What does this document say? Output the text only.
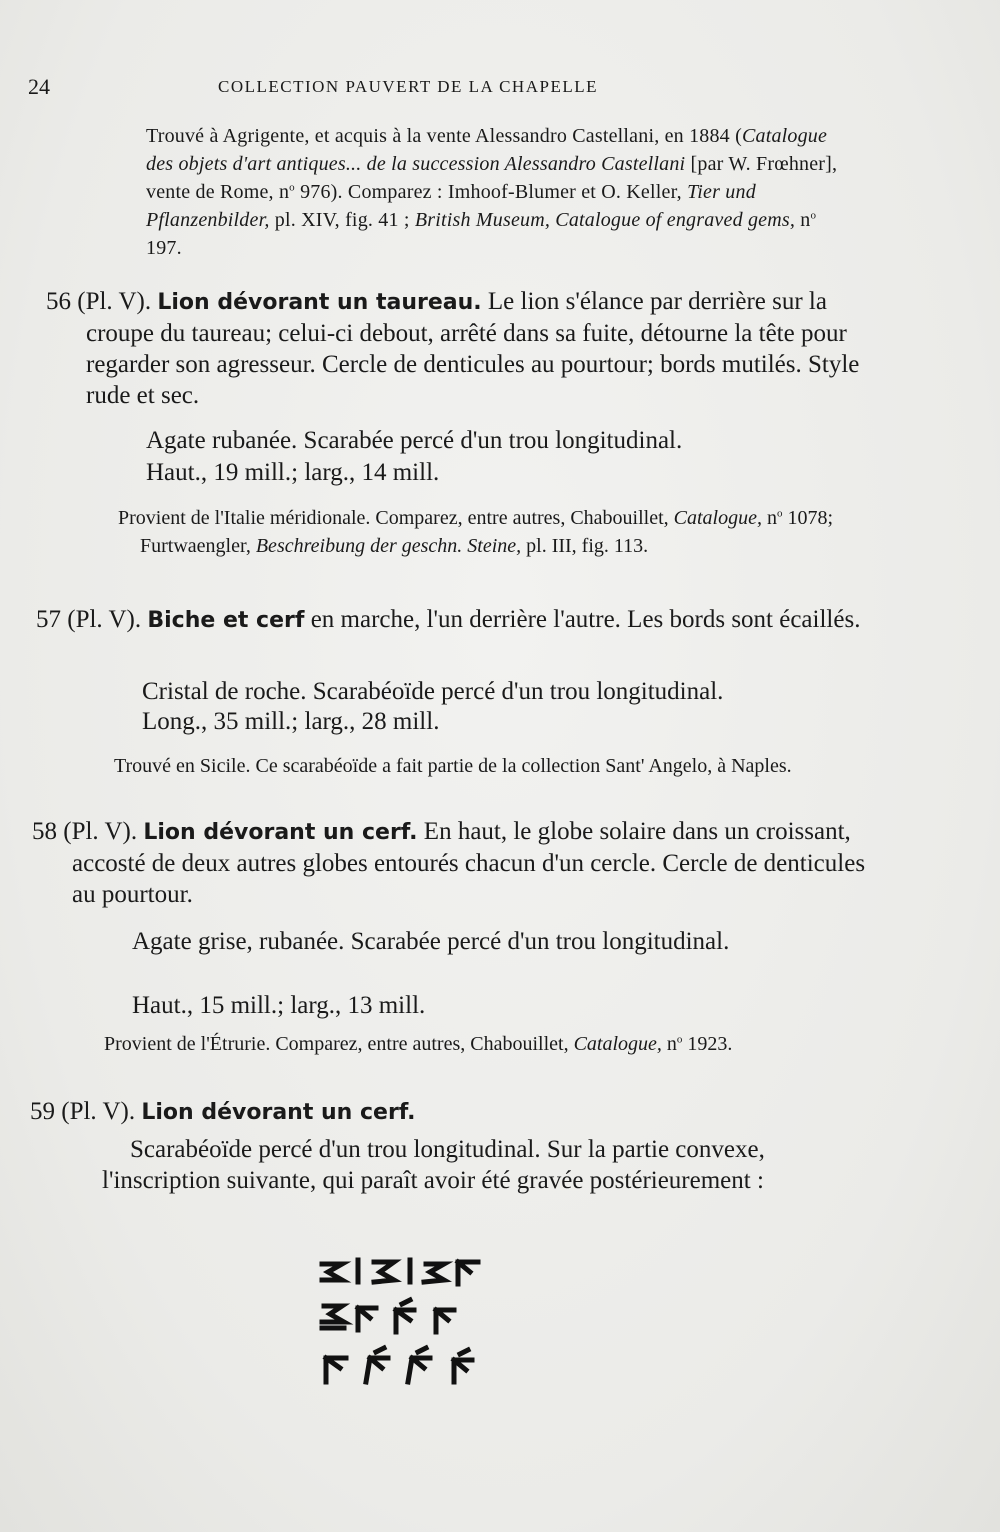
24	COLLECTION PAUVERT DE LA CHAPELLE

Trouvé à Agrigente, et acquis à la vente Alessandro Castellani, en 1884 (Catalogue des objets d'art antiques... de la succession Alessandro Castellani [par W. Frœhner], vente de Rome, $n^o$ 976). Comparez : Imhoof-Blumer et O. Keller, Tier und Pflanzenbilder, pl. XIV, fig. 41 ; British Museum, Catalogue of engraved gems, $n^o$ 197.

56 (Pl. V). Lion dévorant un taureau. Le lion s'élance par derrière sur la croupe du taureau; celui-ci debout, arrêté dans sa fuite, détourne la tête pour regarder son agresseur. Cercle de denticules au pourtour; bords mutilés. Style rude et sec.

Agate rubanée. Scarabée percé d'un trou longitudinal.

Haut., 19 mill.; larg., 14 mill.

Provient de l'Italie méridionale. Comparez, entre autres, Chabouillet, Catalogue, $n^o$ 1078; Furtwaengler, Beschreibung der geschn. Steine, pl. III, fig. 113.

57 (Pl. V). Biche et cerf en marche, l'un derrière l'autre. Les bords sont écaillés.

Cristal de roche. Scarabéoïde percé d'un trou longitudinal.

Long., 35 mill.; larg., 28 mill.

Trouvé en Sicile. Ce scarabéoïde a fait partie de la collection Sant' Angelo, à Naples.

58 (Pl. V). Lion dévorant un cerf. En haut, le globe solaire dans un croissant, accosté de deux autres globes entourés chacun d'un cercle. Cercle de denticules au pourtour.

Agate grise, rubanée. Scarabée percé d'un trou longitudinal.

Haut., 15 mill.; larg., 13 mill.

Provient de l'Étrurie. Comparez, entre autres, Chabouillet, Catalogue, $n^o$ 1923.

59 (Pl. V). Lion dévorant un cerf.

Scarabéoïde percé d'un trou longitudinal. Sur la partie convexe, l'inscription suivante, qui paraît avoir été gravée postérieurement :
